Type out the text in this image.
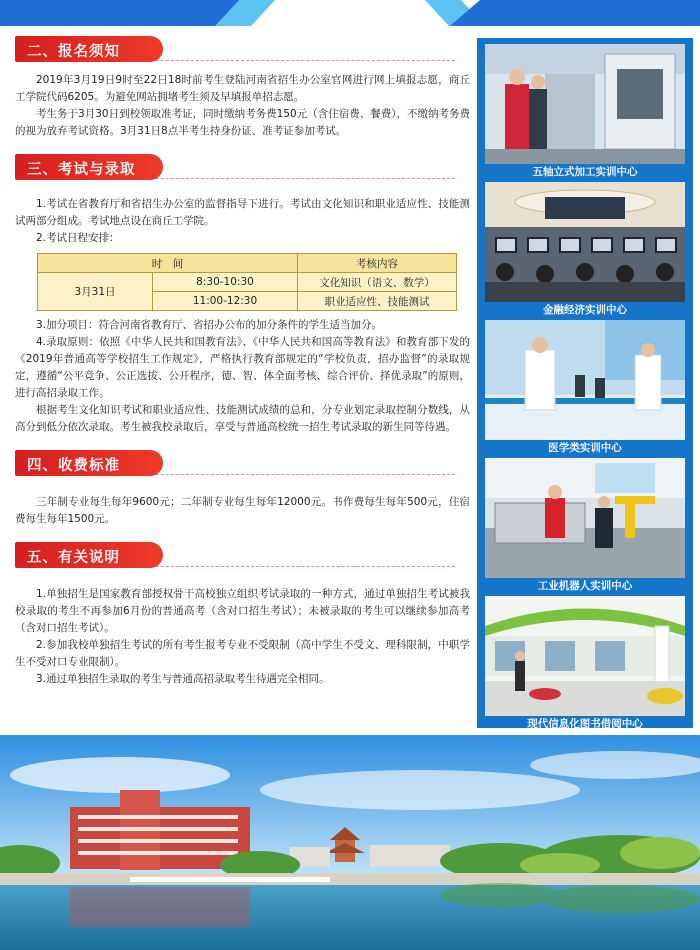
二、报名须知

2019年3月19日9时至22日18时前考生登陆河南省招生办公室官网进行网上填报志愿，商丘工学院代码6205。为避免网站拥堵考生须及早填报单招志愿。

考生务于3月30日到校领取准考证，同时缴纳考务费150元（含住宿费、餐费），不缴纳考务费的视为放弃考试资格。3月31日8点半考生持身份证、准考证参加考试。

三、考试与录取

1.考试在省教育厅和省招生办公室的监督指导下进行。考试由文化知识和职业适应性、技能测试两部分组成。考试地点设在商丘工学院。

2.考试日程安排：

时　间		考核内容
3月31日	8:30-10:30	文化知识（语文、数学）
	11:00-12:30	职业适应性、技能测试

3.加分项目：符合河南省教育厅、省招办公布的加分条件的学生适当加分。

4.录取原则：依照《中华人民共和国教育法》、《中华人民共和国高等教育法》和教育部下发的《2019年普通高等学校招生工作规定》，严格执行教育部规定的“学校负责，招办监督”的录取规定，遵循“公平竞争、公正选拔、公开程序，德、智、体全面考核、综合评价、择优录取”的原则，进行高招录取工作。

根据考生文化知识考试和职业适应性、技能测试成绩的总和，分专业划定录取控制分数线，从高分到低分依次录取。考生被我校录取后，享受与普通高校统一招生考试录取的新生同等待遇。

四、收费标准

三年制专业每生每年9600元；二年制专业每生每年12000元。书作费每生每年500元，住宿费每生每年1500元。

五、有关说明

1.单独招生是国家教育部授权骨干高校独立组织考试录取的一种方式，通过单独招生考试被我校录取的考生不再参加6月份的普通高考（含对口招生考试）；未被录取的考生可以继续参加高考（含对口招生考试）。

2.参加我校单独招生考试的所有考生报考专业不受限制（高中学生不受文、理科限制，中职学生不受对口专业限制）。

3.通过单独招生录取的考生与普通高招录取考生待遇完全相同。

五轴立式加工实训中心
金融经济实训中心
医学类实训中心
工业机器人实训中心
现代信息化图书借阅中心
